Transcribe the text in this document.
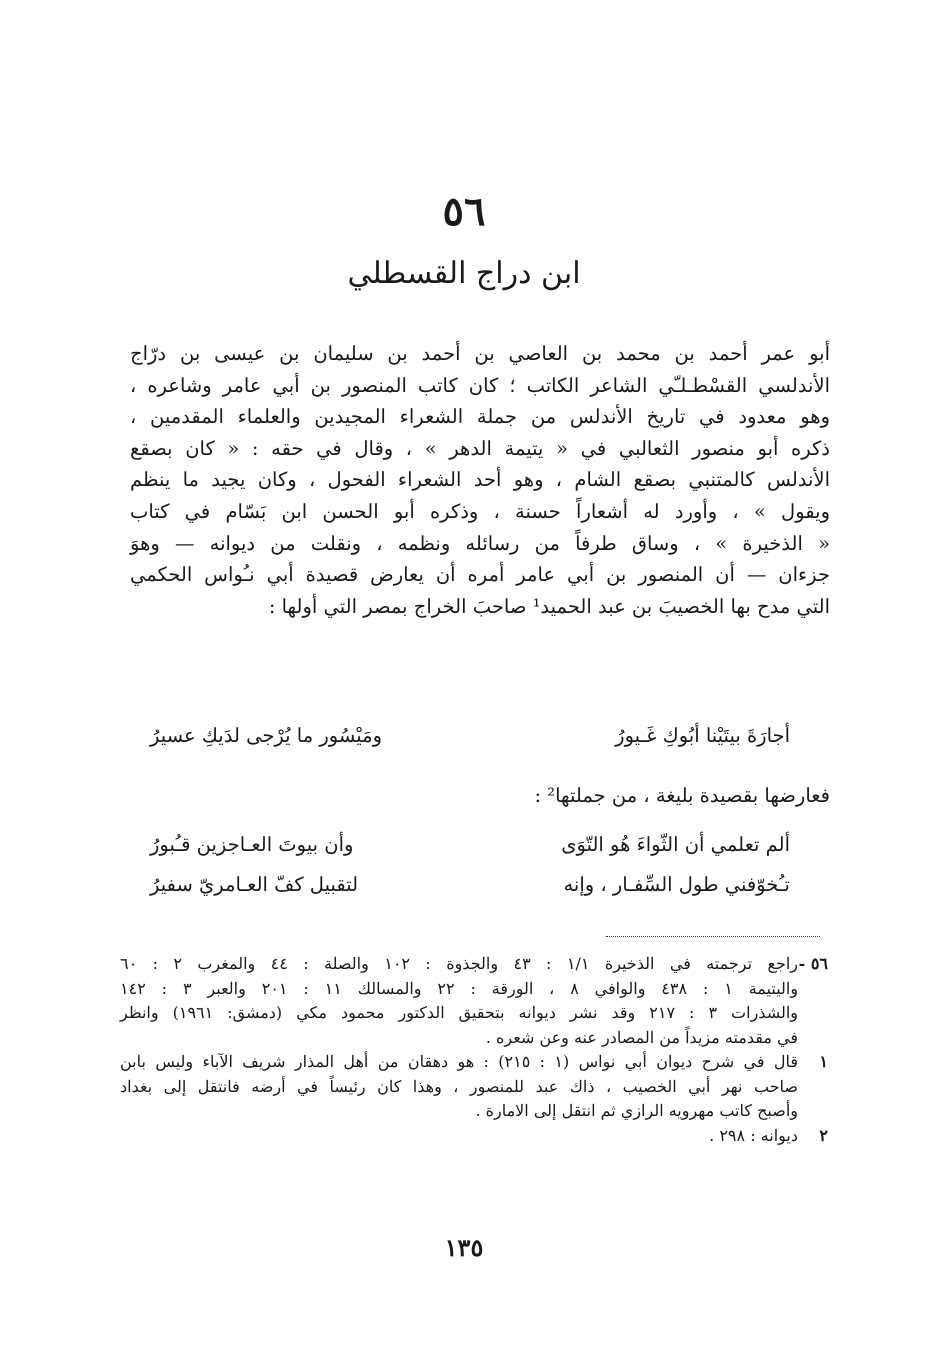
٥٦
ابن دراج القسطلي
أبو عمر أحمد بن محمد بن العاصي بن أحمد بن سليمان بن عيسى بن درّاج
الأندلسي القسْطـلـّي الشاعر الكاتب ؛ كان كاتب المنصور بن أبي عامر وشاعره ،
وهو معدود في تاريخ الأندلس من جملة الشعراء المجيدين والعلماء المقدمين ،
ذكره أبو منصور الثعالبي في « يتيمة الدهر » ، وقال في حقه : « كان بصقع
الأندلس كالمتنبي بصقع الشام ، وهو أحد الشعراء الفحول ، وكان يجيد ما ينظم
ويقول » ، وأورد له أشعاراً حسنة ، وذكره أبو الحسن ابن بَسّام في كتاب
« الذخيرة » ، وساق طرفاً من رسائله ونظمه ، ونقلت من ديوانه — وهوَ
جزءان — أن المنصور بن أبي عامر أمره أن يعارض قصيدة أبي نـُواس الحكمي
التي مدح بها الخصيبَ بن عبد الحميد¹ صاحبَ الخراج بمصر التي أولها :
أجارَةَ بيتَيْنا أبُوكِ غَـيورُ
ومَيْسُور ما يُرْجى لدَيكِ عسيرُ
فعارضها بقصيدة بليغة ، من جملتها² :
ألم تعلمي أن الثّواءَ هُو التّوَى
وأن بيوتَ العـاجزين قـُبورُ
تـُخوّفني طول السِّفـار ، وإنه
لتقبيل كفّ العـامريّ سفيرُ
٥٦ -
راجع ترجمته في الذخيرة ١/١ : ٤٣ والجذوة : ١٠٢ والصلة : ٤٤ والمغرب ٢ : ٦٠
واليتيمة ١ : ٤٣٨ والوافي ٨ ، الورقة : ٢٢ والمسالك ١١ : ٢٠١ والعبر ٣ : ١٤٢
والشذرات ٣ : ٢١٧ وقد نشر ديوانه بتحقيق الدكتور محمود مكي (دمشق: ١٩٦١) وانظر
في مقدمته مزيداً من المصادر عنه وعن شعره .
١
قال في شرح ديوان أبي نواس (١ : ٢١٥) : هو دهقان من أهل المذار شريف الآباء وليس بابن
صاحب نهر أبي الخصيب ، ذاك عبد للمنصور ، وهذا كان رئيساً في أرضه فانتقل إلى بغداد
وأصبح كاتب مهرويه الرازي ثم انتقل إلى الامارة .
٢
ديوانه : ٢٩٨ .
١٣٥
